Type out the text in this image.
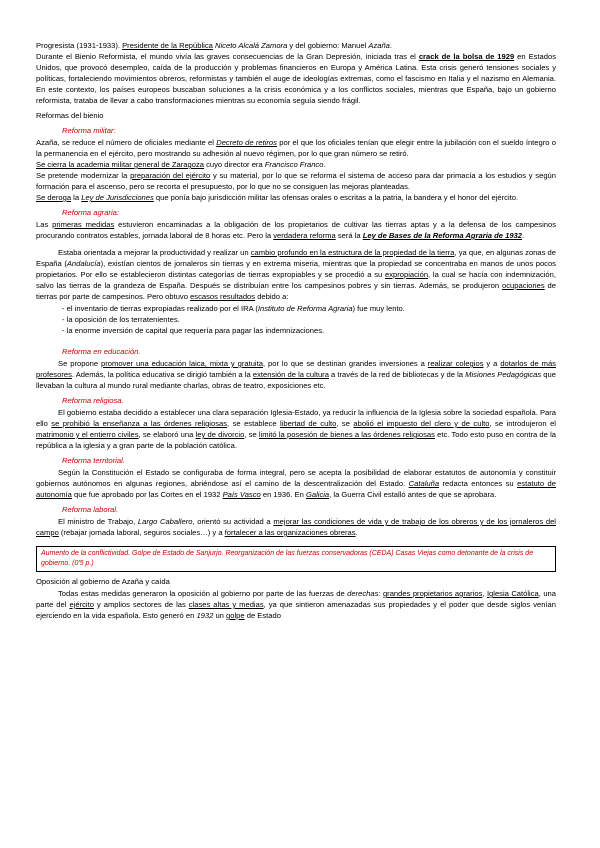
Progresista (1931-1933). Presidente de la República Niceto Alcalá Zamora y del gobierno: Manuel Azaña.

Durante el Bienio Reformista, el mundo vivía las graves consecuencias de la Gran Depresión, iniciada tras el crack de la bolsa de 1929 en Estados Unidos, que provocó desempleo, caída de la producción y problemas financieros en Europa y América Latina. Esta crisis generó tensiones sociales y políticas, fortaleciendo movimientos obreros, reformistas y también el auge de ideologías extremas, como el fascismo en Italia y el nazismo en Alemania. En este contexto, los países europeos buscaban soluciones a la crisis económica y a los conflictos sociales, mientras que España, bajo un gobierno reformista, trataba de llevar a cabo transformaciones mientras su economía seguía siendo frágil.

Reformas del bienio

Reforma militar:

Azaña, se reduce el número de oficiales mediante el Decreto de retiros por el que los oficiales tenían que elegir entre la jubilación con el sueldo íntegro o la permanencia en el ejército, pero mostrando su adhesión al nuevo régimen, por lo que gran número se retiró.

Se cierra la academia militar general de Zaragoza cuyo director era Francisco Franco.

Se pretende modernizar la preparación del ejército y su material, por lo que se reforma el sistema de acceso para dar primacía a los estudios y según formación para el ascenso, pero se recorta el presupuesto, por lo que no se consiguen las mejoras planteadas.

Se deroga la Ley de Jurisdicciones que ponía bajo jurisdicción militar las ofensas orales o escritas a la patria, la bandera y el honor del ejército.

Reforma agraria:

Las primeras medidas estuvieron encaminadas a la obligación de los propietarios de cultivar las tierras aptas y a la defensa de los campesinos procurando contratos estables, jornada laboral de 8 horas etc. Pero la verdadera reforma será la Ley de Bases de la Reforma Agraria de 1932.

Estaba orientada a mejorar la productividad y realizar un cambio profundo en la estructura de la propiedad de la tierra, ya que, en algunas zonas de España (Andalucía), existían cientos de jornaleros sin tierras y en extrema miseria, mientras que la propiedad se concentraba en manos de unos pocos propietarios. Por ello se establecieron distintas categorías de tierras expropiables y se procedió a su expropiación, la cual se hacía con indemnización, salvo las tierras de la grandeza de España. Después se distribuían entre los campesinos pobres y sin tierras. Además, se produjeron ocupaciones de tierras por parte de campesinos. Pero obtuvo escasos resultados debido a:

- el inventario de tierras expropiadas realizado por el IRA (Instituto de Reforma Agraria) fue muy lento.
- la oposición de los terratenientes.
- la enorme inversión de capital que requería para pagar las indemnizaciones.

Reforma en educación.

Se propone promover una educación laica, mixta y gratuita, por lo que se destinan grandes inversiones a realizar colegios y a dotarlos de más profesores. Además, la política educativa se dirigió también a la extensión de la cultura a través de la red de bibliotecas y de la Misiones Pedagógicas que llevaban la cultura al mundo rural mediante charlas, obras de teatro, exposiciones etc.

Reforma religiosa.

El gobierno estaba decidido a establecer una clara separación Iglesia-Estado, ya reducir la influencia de la Iglesia sobre la sociedad española. Para ello se prohibió la enseñanza a las órdenes religiosas, se establece libertad de culto, se abolió el impuesto del clero y de culto, se introdujeron el matrimonio y el entierro civiles, se elaboró una ley de divorcio, se limitó la posesión de bienes a las órdenes religiosas etc. Todo esto puso en contra de la república a la iglesia y a gran parte de la población católica.

Reforma territorial.

Según la Constitución el Estado se configuraba de forma integral, pero se acepta la posibilidad de elaborar estatutos de autonomía y constituir gobiernos autónomos en algunas regiones, abriéndose así el camino de la descentralización del Estado. Cataluña redacta entonces su estatuto de autonomía que fue aprobado por las Cortes en el 1932 País Vasco en 1936. En Galicia, la Guerra Civil estalló antes de que se aprobara.

Reforma laboral.

El ministro de Trabajo, Largo Caballero, orientó su actividad a mejorar las condiciones de vida y de trabajo de los obreros y de los jornaleros del campo (rebajar jornada laboral, seguros sociales…) y a fortalecer a las organizaciones obreras.

Aumento de la conflictividad. Golpe de Estado de Sanjurjo. Reorganización de las fuerzas conservadoras (CEDA) Casas Viejas como detonante de la crisis de gobierno. (0'5 p.)

Oposición al gobierno de Azaña y caída

Todas estas medidas generaron la oposición al gobierno por parte de las fuerzas de derechas: grandes propietarios agrarios, Iglesia Católica, una parte del ejército y amplios sectores de las clases altas y medias, ya que sintieron amenazadas sus propiedades y el poder que desde siglos venían ejerciendo en la vida española. Esto generó en 1932 un golpe de Estado
